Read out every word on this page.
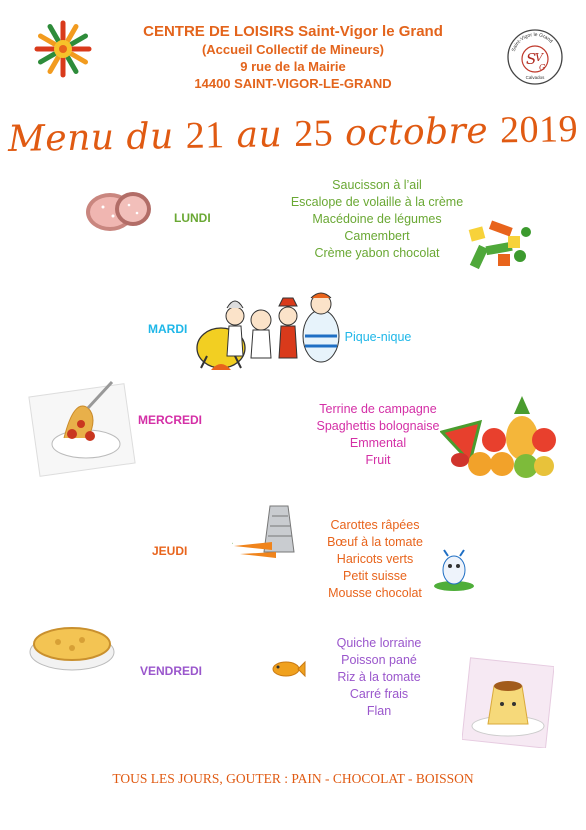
CENTRE DE LOISIRS Saint-Vigor le Grand
(Accueil Collectif de Mineurs)
9 rue de la Mairie
14400 SAINT-VIGOR-LE-GRAND
Saint-Vigor le Grand
S
V
G
Calvados
Menu du 21 au 25 octobre 2019
LUNDI
Saucisson à l’ail
Escalope de volaille à la crème
Macédoine de légumes
Camembert
Crème yabon chocolat
MARDI
Pique-nique
MERCREDI
Terrine de campagne
Spaghettis bolognaise
Emmental
Fruit
JEUDI
Carottes râpées
Bœuf à la tomate
Haricots verts
Petit suisse
Mousse chocolat
VENDREDI
Quiche lorraine
Poisson pané
Riz à la tomate
Carré frais
Flan
TOUS LES JOURS, GOUTER : PAIN - CHOCOLAT - BOISSON
